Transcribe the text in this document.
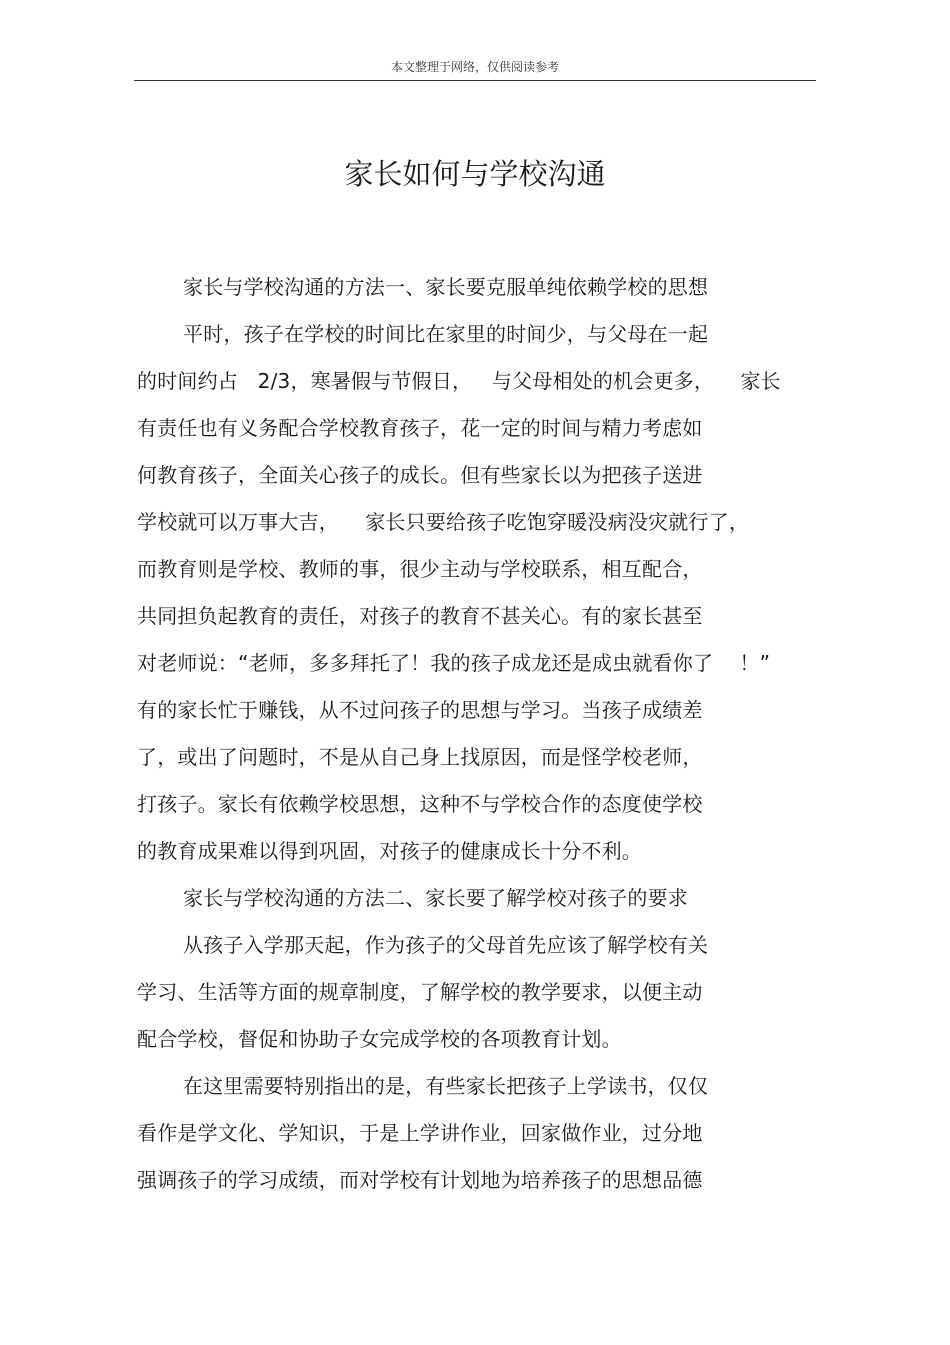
本文整理于网络，仅供阅读参考
家长如何与学校沟通
家长与学校沟通的方法一、家长要克服单纯依赖学校的思想
平时，孩子在学校的时间比在家里的时间少，与父母在一起
的时间约占   2/3，寒暑假与节假日，   与父母相处的机会更多，    家长
有责任也有义务配合学校教育孩子，花一定的时间与精力考虑如
何教育孩子，全面关心孩子的成长。但有些家长以为把孩子送进
学校就可以万事大吉，    家长只要给孩子吃饱穿暖没病没灾就行了，
而教育则是学校、教师的事，很少主动与学校联系，相互配合，
共同担负起教育的责任，对孩子的教育不甚关心。有的家长甚至
对老师说：“老师，多多拜托了！我的孩子成龙还是成虫就看你了    ！”
有的家长忙于赚钱，从不过问孩子的思想与学习。当孩子成绩差
了，或出了问题时，不是从自己身上找原因，而是怪学校老师，
打孩子。家长有依赖学校思想，这种不与学校合作的态度使学校
的教育成果难以得到巩固，对孩子的健康成长十分不利。
家长与学校沟通的方法二、家长要了解学校对孩子的要求
从孩子入学那天起，作为孩子的父母首先应该了解学校有关
学习、生活等方面的规章制度，了解学校的教学要求，以便主动
配合学校，督促和协助子女完成学校的各项教育计划。
在这里需要特别指出的是，有些家长把孩子上学读书，仅仅
看作是学文化、学知识，于是上学讲作业，回家做作业，过分地
强调孩子的学习成绩，而对学校有计划地为培养孩子的思想品德
